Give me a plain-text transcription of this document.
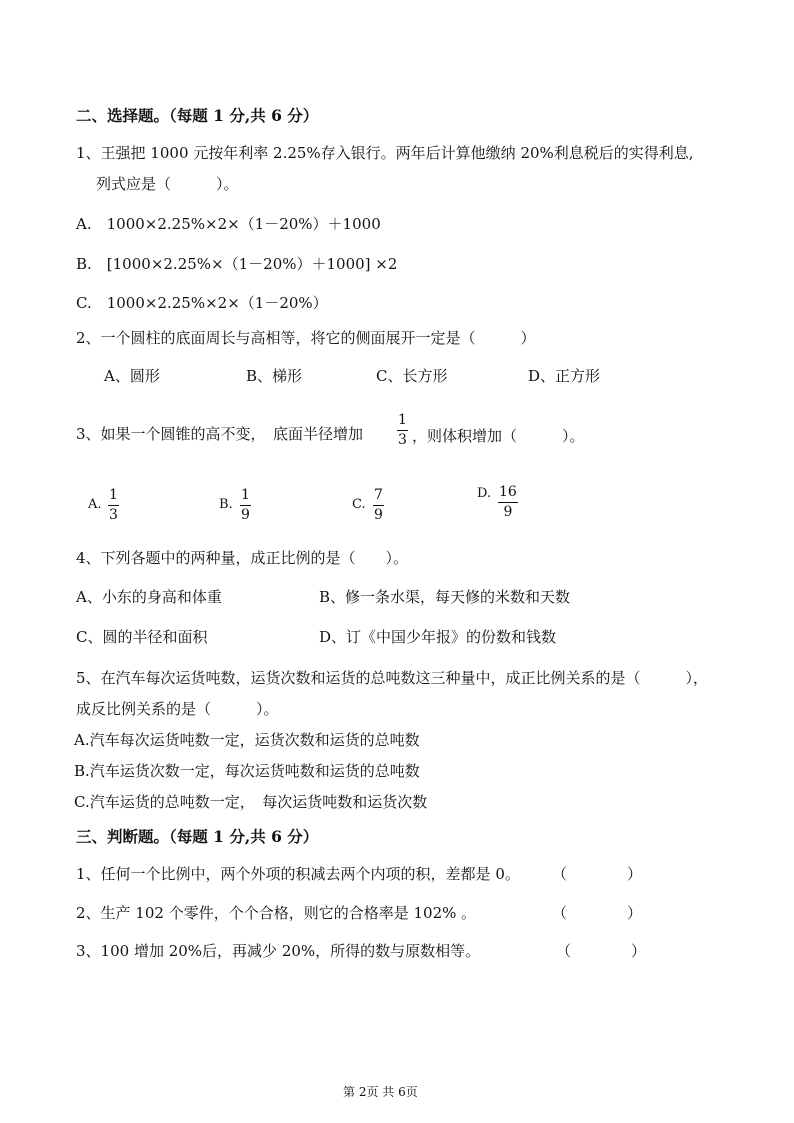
二、选择题。（每题 1 分,共 6 分）
1、王强把 1000 元按年利率 2.25%存入银行。两年后计算他缴纳 20%利息税后的实得利息,
列式应是（　　　）。
A.　1000×2.25%×2×（1－20%）＋1000
B.　[1000×2.25%×（1－20%）＋1000] ×2
C.　1000×2.25%×2×（1－20%）
2、一个圆柱的底面周长与高相等，将它的侧面展开一定是（　　　）
A、圆形	B、梯形	C、长方形	D、正方形
3、如果一个圆锥的高不变，　底面半径增加
1
3 ，则体积增加（　　　）。
A.
1
3
B.
1
9
C.
7
9
D. 16
9
4、下列各题中的两种量，成正比例的是（　　）。
A、小东的身高和体重	B、修一条水渠，每天修的米数和天数
C、圆的半径和面积	D、订《中国少年报》的份数和钱数
5、在汽车每次运货吨数，运货次数和运货的总吨数这三种量中，成正比例关系的是（　　　），
成反比例关系的是（　　　）。
A.汽车每次运货吨数一定，运货次数和运货的总吨数
B.汽车运货次数一定，每次运货吨数和运货的总吨数
C.汽车运货的总吨数一定，　每次运货吨数和运货次数
三、判断题。（每题 1 分,共 6 分）
1、任何一个比例中，两个外项的积减去两个内项的积，差都是 0。 （　　　　）
2、生产 102 个零件，个个合格，则它的合格率是 102% 。	（　　　　）
3、100 增加 20%后，再减少 20%，所得的数与原数相等。	（　　　　）
第 2页 共 6页
